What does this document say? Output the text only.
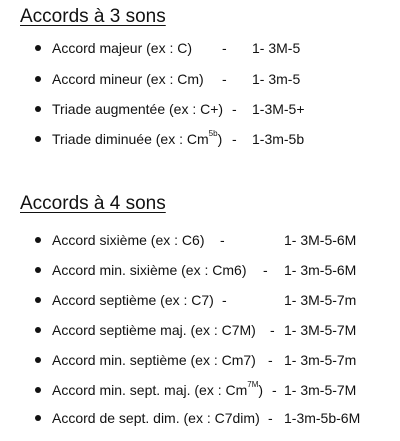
Accords à 3 sons
Accord majeur (ex : C) - 1- 3M-5
Accord mineur (ex : Cm) - 1- 3m-5
Triade augmentée (ex : C+) - 1-3M-5+
Triade diminuée (ex : $Cm^{5b}) - 1-3m-5b$
Accords à 4 sons
Accord sixième (ex : C6) -	1- 3M-5-6M
Accord min. sixième (ex : Cm6) - 1- 3m-5-6M
Accord septième (ex : C7) -	1- 3M-5-7m
Accord septième maj. (ex : C7M) - 1- 3M-5-7M
Accord min. septième (ex : Cm7) - 1- 3m-5-7m
Accord min. sept. maj. (ex : $Cm^{7M}) - 1-$ 3m-5-7M
Accord de sept. dim. (ex : C7dim) - 1-3m-5b-6M
